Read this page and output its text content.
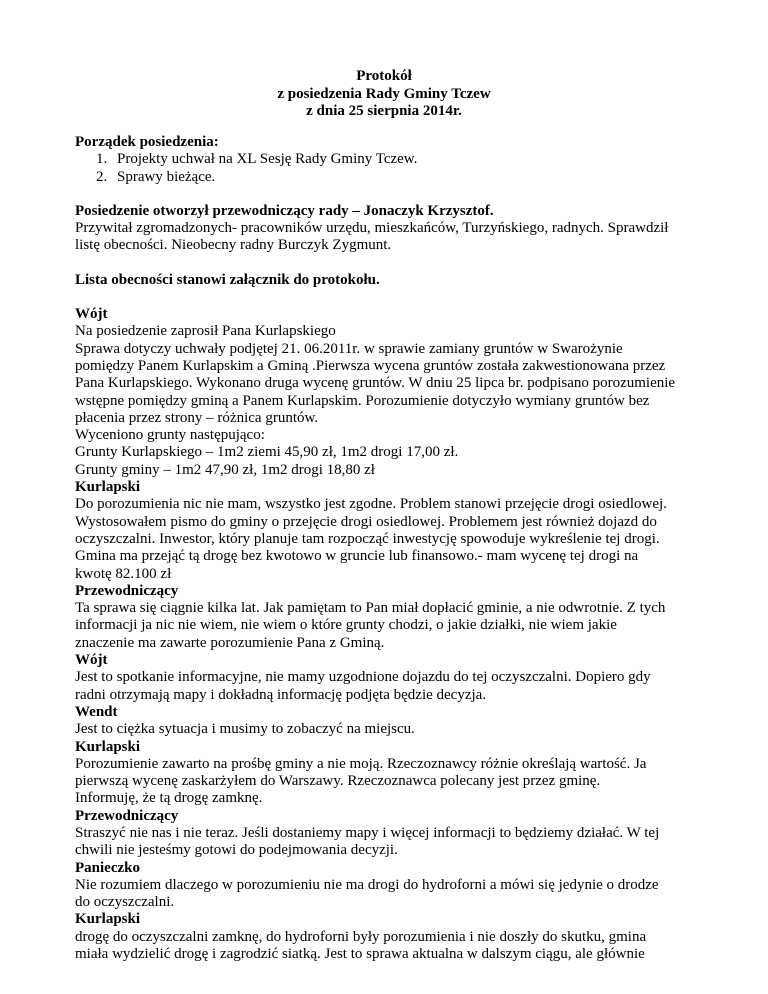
Protokół
z posiedzenia Rady Gminy Tczew
z dnia 25 sierpnia 2014r.

Porządek posiedzenia:

1. Projekty uchwał na XL Sesję Rady Gminy Tczew.
2. Sprawy bieżące.

Posiedzenie otworzył przewodniczący rady – Jonaczyk Krzysztof.

Przywitał zgromadzonych- pracowników urzędu, mieszkańców, Turzyńskiego, radnych. Sprawdził

listę obecności. Nieobecny radny Burczyk Zygmunt.

Lista obecności stanowi załącznik do protokołu.

Wójt

Na posiedzenie zaprosił Pana Kurlapskiego

Sprawa dotyczy uchwały podjętej 21. 06.2011r. w sprawie zamiany gruntów w Swarożynie

pomiędzy Panem Kurlapskim a Gminą .Pierwsza wycena gruntów została zakwestionowana przez

Pana Kurlapskiego. Wykonano druga wycenę gruntów. W dniu 25 lipca br. podpisano porozumienie

wstępne pomiędzy gminą a Panem Kurlapskim. Porozumienie dotyczyło wymiany gruntów bez

płacenia przez strony – różnica gruntów.

Wyceniono grunty następująco:

Grunty Kurlapskiego – 1m2 ziemi 45,90 zł, 1m2 drogi 17,00 zł.

Grunty gminy – 1m2 47,90 zł, 1m2 drogi 18,80 zł

Kurlapski

Do porozumienia nic nie mam, wszystko jest zgodne. Problem stanowi przejęcie drogi osiedlowej.

Wystosowałem pismo do gminy o przejęcie drogi osiedlowej. Problemem jest również dojazd do

oczyszczalni. Inwestor, który planuje tam rozpocząć inwestycję spowoduje wykreślenie tej drogi.

Gmina ma przejąć tą drogę bez kwotowo w gruncie lub finansowo.- mam wycenę tej drogi na

kwotę 82.100 zł

Przewodniczący

Ta sprawa się ciągnie kilka lat. Jak pamiętam to Pan miał dopłacić gminie, a nie odwrotnie. Z tych

informacji ja nic nie wiem, nie wiem o które grunty chodzi, o jakie działki, nie wiem jakie

znaczenie ma zawarte porozumienie Pana z Gminą.

Wójt

Jest to spotkanie informacyjne, nie mamy uzgodnione dojazdu do tej oczyszczalni. Dopiero gdy

radni otrzymają mapy i dokładną informację podjęta będzie decyzja.

Wendt

Jest to ciężka sytuacja i musimy to zobaczyć na miejscu.

Kurlapski

Porozumienie zawarto na prośbę gminy a nie moją. Rzeczoznawcy różnie określają wartość. Ja

pierwszą wycenę zaskarżyłem do Warszawy. Rzeczoznawca polecany jest przez gminę.

Informuję, że tą drogę zamknę.

Przewodniczący

Straszyć nie nas i nie teraz. Jeśli dostaniemy mapy i więcej informacji to będziemy działać. W tej

chwili nie jesteśmy gotowi do podejmowania decyzji.

Panieczko

Nie rozumiem dlaczego w porozumieniu nie ma drogi do hydroforni a mówi się jedynie o drodze

do oczyszczalni.

Kurlapski

drogę do oczyszczalni zamknę, do hydroforni były porozumienia i nie doszły do skutku, gmina

miała wydzielić drogę i zagrodzić siatką. Jest to sprawa aktualna w dalszym ciągu, ale głównie
